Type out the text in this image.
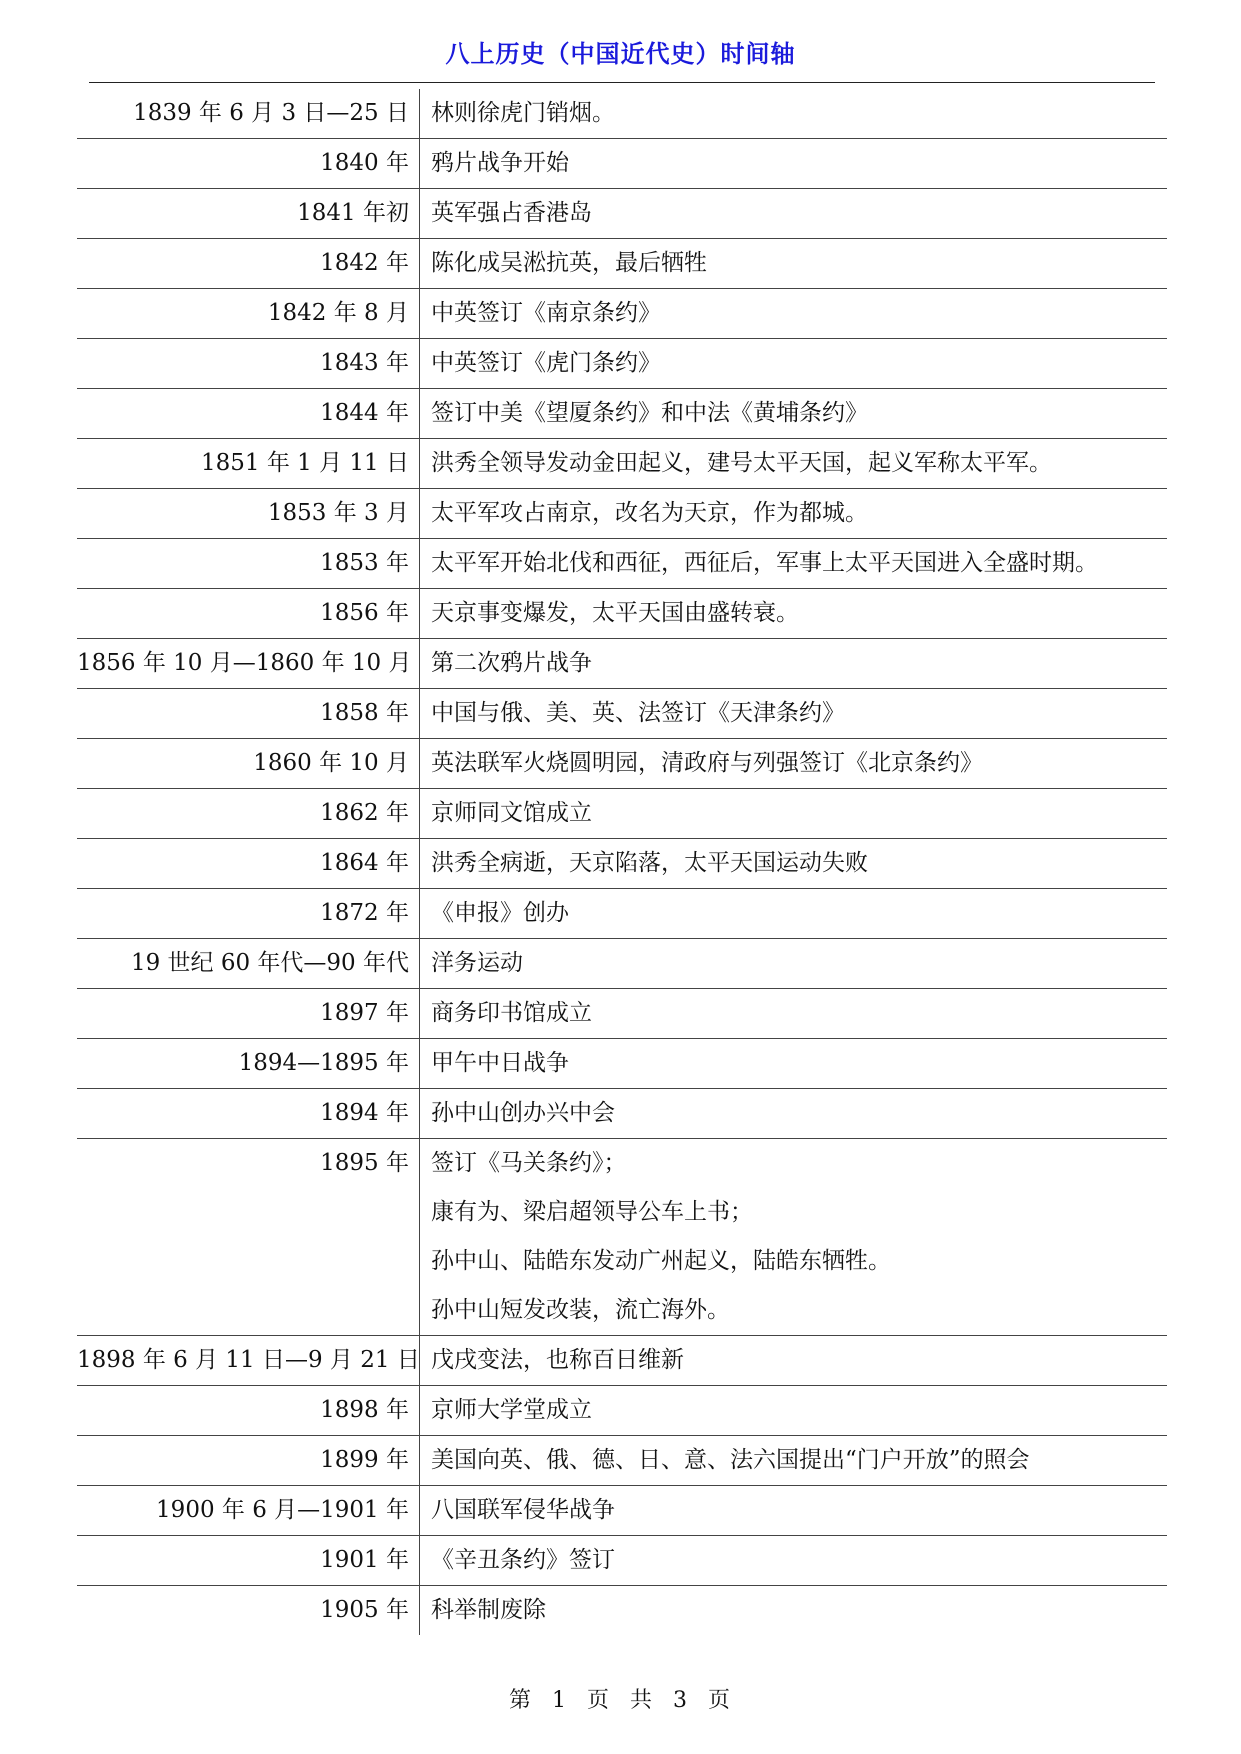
八上历史（中国近代史）时间轴
1839 年 6 月 3 日—25 日 林则徐虎门销烟。
1840 年 鸦片战争开始
1841 年初 英军强占香港岛
1842 年 陈化成吴淞抗英，最后牺牲
1842 年 8 月 中英签订《南京条约》
1843 年 中英签订《虎门条约》
1844 年 签订中美《望厦条约》和中法《黄埔条约》
1851 年 1 月 11 日 洪秀全领导发动金田起义，建号太平天国，起义军称太平军。
1853 年 3 月 太平军攻占南京，改名为天京，作为都城。
1853 年 太平军开始北伐和西征，西征后，军事上太平天国进入全盛时期。
1856 年 天京事变爆发，太平天国由盛转衰。
1856 年 10 月—1860 年 10 月 第二次鸦片战争
1858 年 中国与俄、美、英、法签订《天津条约》
1860 年 10 月 英法联军火烧圆明园，清政府与列强签订《北京条约》
1862 年 京师同文馆成立
1864 年 洪秀全病逝，天京陷落，太平天国运动失败
1872 年 《申报》创办
19 世纪 60 年代—90 年代 洋务运动
1897 年 商务印书馆成立
1894—1895 年 甲午中日战争
1894 年 孙中山创办兴中会
1895 年 签订《马关条约》；
康有为、梁启超领导公车上书；
孙中山、陆皓东发动广州起义，陆皓东牺牲。
孙中山短发改装，流亡海外。
1898 年 6 月 11 日—9 月 21 日 戊戌变法，也称百日维新
1898 年 京师大学堂成立
1899 年 美国向英、俄、德、日、意、法六国提出“门户开放”的照会
1900 年 6 月—1901 年 八国联军侵华战争
1901 年 《辛丑条约》签订
1905 年 科举制废除
第 1 页 共 3 页
